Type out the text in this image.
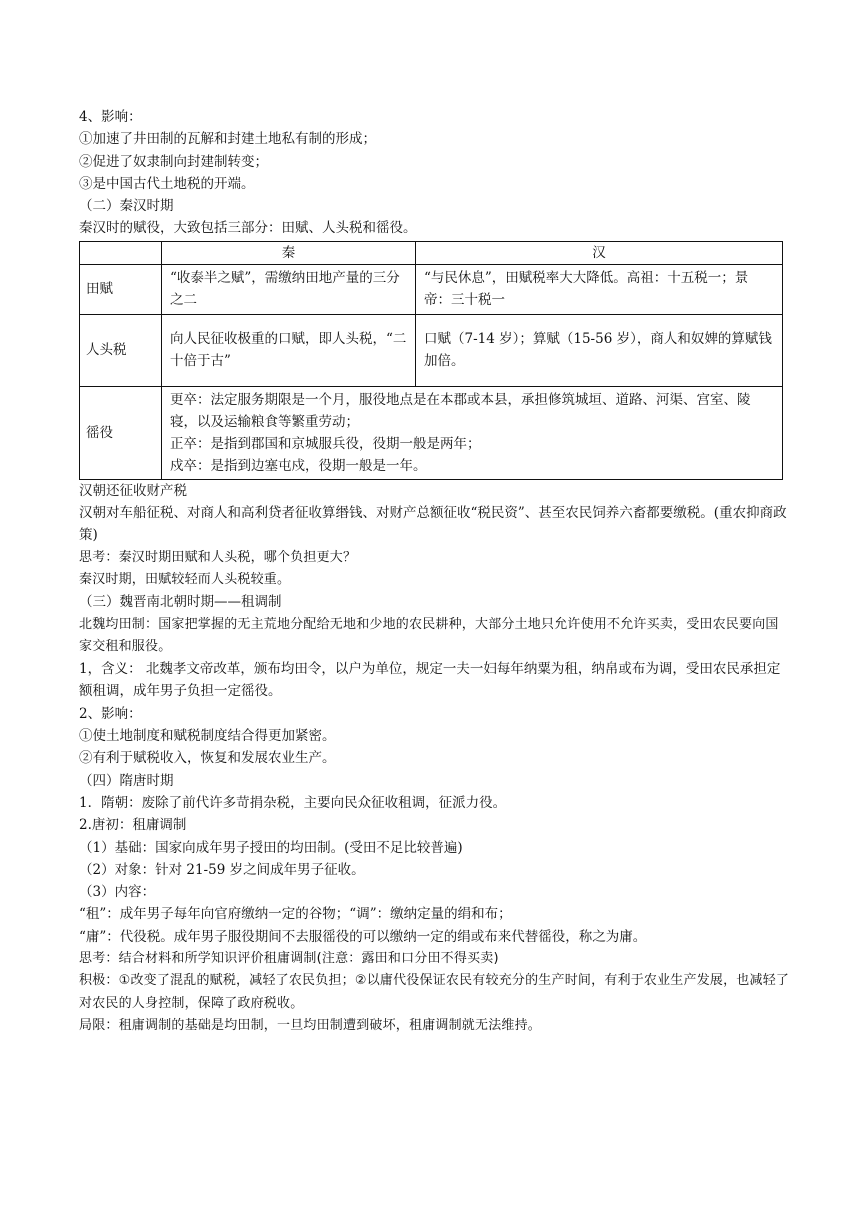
4、影响：
①加速了井田制的瓦解和封建土地私有制的形成；
②促进了奴隶制向封建制转变；
③是中国古代土地税的开端。
（二）秦汉时期
秦汉时的赋役，大致包括三部分：田赋、人头税和徭役。
	秦	汉
田赋	“收泰半之赋”，需缴纳田地产量的三分之二	“与民休息”，田赋税率大大降低。高祖：十五税一；景帝：三十税一
人头税	向人民征收极重的口赋，即人头税，“二十倍于古”	口赋（7-14 岁）；算赋（15-56 岁），商人和奴婢的算赋钱加倍。
徭役	更卒：法定服务期限是一个月，服役地点是在本郡或本县，承担修筑城垣、道路、河渠、宫室、陵寝，以及运输粮食等繁重劳动；
正卒：是指到郡国和京城服兵役，役期一般是两年；
戍卒：是指到边塞屯戍，役期一般是一年。	
汉朝还征收财产税
汉朝对车船征税、对商人和高利贷者征收算缗钱、对财产总额征收“税民资”、甚至农民饲养六畜都要缴税。(重农抑商政策)
思考：秦汉时期田赋和人头税，哪个负担更大？
秦汉时期，田赋较轻而人头税较重。
（三）魏晋南北朝时期——租调制
北魏均田制：国家把掌握的无主荒地分配给无地和少地的农民耕种，大部分土地只允许使用不允许买卖，受田农民要向国家交租和服役。
1，含义： 北魏孝文帝改革，颁布均田令，以户为单位，规定一夫一妇每年纳粟为租，纳帛或布为调，受田农民承担定额租调，成年男子负担一定徭役。
2、影响：
①使土地制度和赋税制度结合得更加紧密。
②有利于赋税收入，恢复和发展农业生产。
（四）隋唐时期
1．隋朝：废除了前代许多苛捐杂税，主要向民众征收租调，征派力役。
2.唐初：租庸调制
（1）基础：国家向成年男子授田的均田制。(受田不足比较普遍)
（2）对象：针对 21-59 岁之间成年男子征收。
（3）内容：
“租”：成年男子每年向官府缴纳一定的谷物；“调”：缴纳定量的绢和布；
“庸”：代役税。成年男子服役期间不去服徭役的可以缴纳一定的绢或布来代替徭役，称之为庸。
思考：结合材料和所学知识评价租庸调制(注意：露田和口分田不得买卖)
积极：①改变了混乱的赋税，减轻了农民负担；②以庸代役保证农民有较充分的生产时间，有利于农业生产发展，也减轻了对农民的人身控制，保障了政府税收。
局限：租庸调制的基础是均田制，一旦均田制遭到破坏，租庸调制就无法维持。
